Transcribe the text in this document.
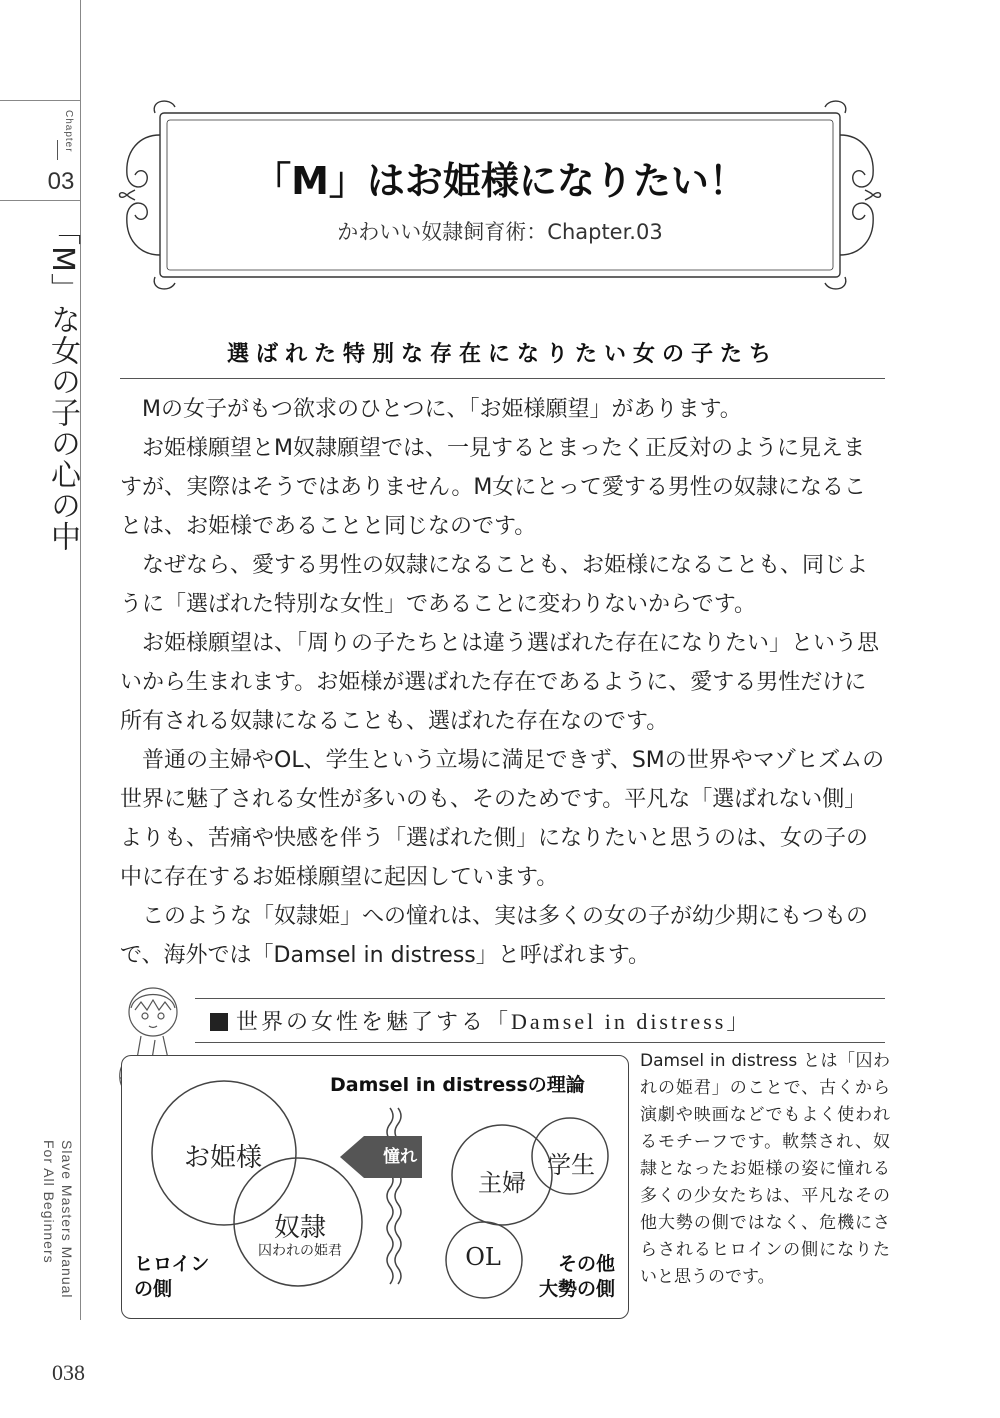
Chapter
03
「M」な女の子の心の中
Slave Masters Manual
For All Beginners
038
「M」はお姫様になりたい！
かわいい奴隷飼育術：Chapter.03
選ばれた特別な存在になりたい女の子たち

Mの女子がもつ欲求のひとつに、「お姫様願望」があります。

お姫様願望とM奴隷願望では、一見するとまったく正反対のように見えますが、実際はそうではありません。M女にとって愛する男性の奴隷になることは、お姫様であることと同じなのです。

なぜなら、愛する男性の奴隷になることも、お姫様になることも、同じように「選ばれた特別な女性」であることに変わりないからです。

お姫様願望は、「周りの子たちとは違う選ばれた存在になりたい」という思いから生まれます。お姫様が選ばれた存在であるように、愛する男性だけに所有される奴隷になることも、選ばれた存在なのです。

普通の主婦やOL、学生という立場に満足できず、SMの世界やマゾヒズムの世界に魅了される女性が多いのも、そのためです。平凡な「選ばれない側」よりも、苦痛や快感を伴う「選ばれた側」になりたいと思うのは、女の子の中に存在するお姫様願望に起因しています。

このような「奴隷姫」への憧れは、実は多くの女の子が幼少期にもつもので、海外では「Damsel in distress」と呼ばれます。

世界の女性を魅了する「Damsel in distress」
Damsel in distressの理論
お姫様
奴隷
囚われの姫君
憧れ
主婦
学生
OL
ヒロイン
の側
その他
大勢の側
Damsel in distress とは「囚われの姫君」のことで、古くから演劇や映画などでもよく使われるモチーフです。軟禁され、奴隷となったお姫様の姿に憧れる多くの少女たちは、平凡なその他大勢の側ではなく、危機にさらされるヒロインの側になりたいと思うのです。
